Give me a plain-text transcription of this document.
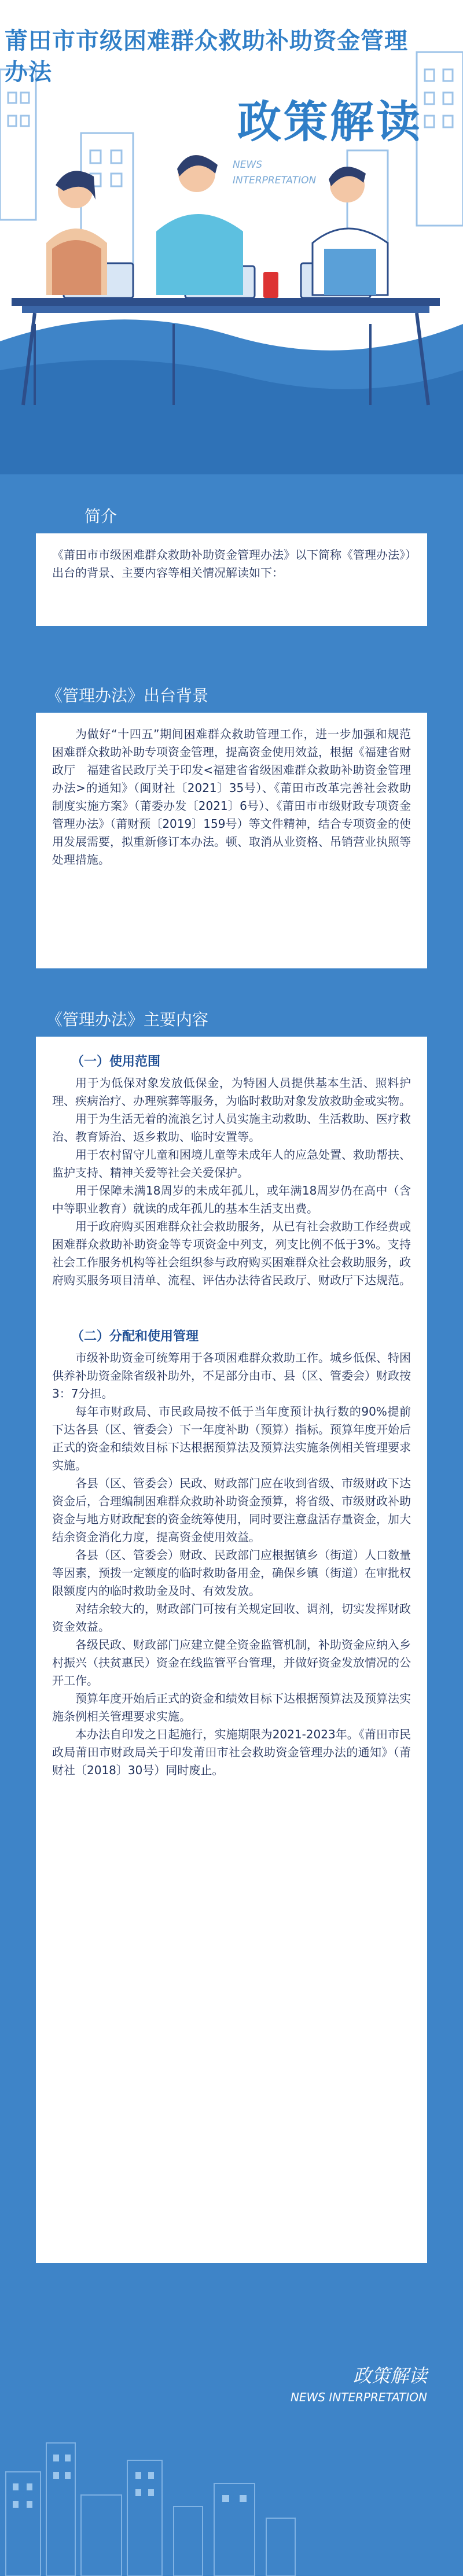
莆田市市级困难群众救助补助资金管理办法
政策解读
NEWS
INTERPRETATION
简介

《莆田市市级困难群众救助补助资金管理办法》以下简称《管理办法》）出台的背景、主要内容等相关情况解读如下：

《管理办法》出台背景

为做好“十四五”期间困难群众救助管理工作，进一步加强和规范困难群众救助补助专项资金管理，提高资金使用效益，根据《福建省财政厅　福建省民政厅关于印发<福建省省级困难群众救助补助资金管理办法>的通知》（闽财社〔2021〕35号）、《莆田市改革完善社会救助制度实施方案》（莆委办发〔2021〕6号）、《莆田市市级财政专项资金管理办法》（莆财预〔2019〕159号）等文件精神，结合专项资金的使用发展需要，拟重新修订本办法。顿、取消从业资格、吊销营业执照等处理措施。

《管理办法》主要内容
（一）使用范围

用于为低保对象发放低保金，为特困人员提供基本生活、照料护理、疾病治疗、办理殡葬等服务，为临时救助对象发放救助金或实物。

用于为生活无着的流浪乞讨人员实施主动救助、生活救助、医疗救治、教育矫治、返乡救助、临时安置等。

用于农村留守儿童和困境儿童等未成年人的应急处置、救助帮扶、监护支持、精神关爱等社会关爱保护。

用于保障未满18周岁的未成年孤儿，或年满18周岁仍在高中（含中等职业教育）就读的成年孤儿的基本生活支出费。

用于政府购买困难群众社会救助服务，从已有社会救助工作经费或困难群众救助补助资金等专项资金中列支，列支比例不低于3%。支持社会工作服务机构等社会组织参与政府购买困难群众社会救助服务，政府购买服务项目清单、流程、评估办法待省民政厅、财政厅下达规范。

（二）分配和使用管理

市级补助资金可统筹用于各项困难群众救助工作。城乡低保、特困供养补助资金除省级补助外，不足部分由市、县（区、管委会）财政按3：7分担。

每年市财政局、市民政局按不低于当年度预计执行数的90%提前下达各县（区、管委会）下一年度补助（预算）指标。预算年度开始后正式的资金和绩效目标下达根据预算法及预算法实施条例相关管理要求实施。

各县（区、管委会）民政、财政部门应在收到省级、市级财政下达资金后，合理编制困难群众救助补助资金预算，将省级、市级财政补助资金与地方财政配套的资金统筹使用，同时要注意盘活存量资金，加大结余资金消化力度，提高资金使用效益。

各县（区、管委会）财政、民政部门应根据镇乡（街道）人口数量等因素，预拨一定额度的临时救助备用金，确保乡镇（街道）在审批权限额度内的临时救助金及时、有效发放。

对结余较大的，财政部门可按有关规定回收、调剂，切实发挥财政资金效益。

各级民政、财政部门应建立健全资金监管机制，补助资金应纳入乡村振兴（扶贫惠民）资金在线监管平台管理，并做好资金发放情况的公开工作。

预算年度开始后正式的资金和绩效目标下达根据预算法及预算法实施条例相关管理要求实施。

本办法自印发之日起施行，实施期限为2021-2023年。《莆田市民政局莆田市财政局关于印发莆田市社会救助资金管理办法的通知》（莆财社〔2018〕30号）同时废止。

政策解读
NEWS INTERPRETATION
